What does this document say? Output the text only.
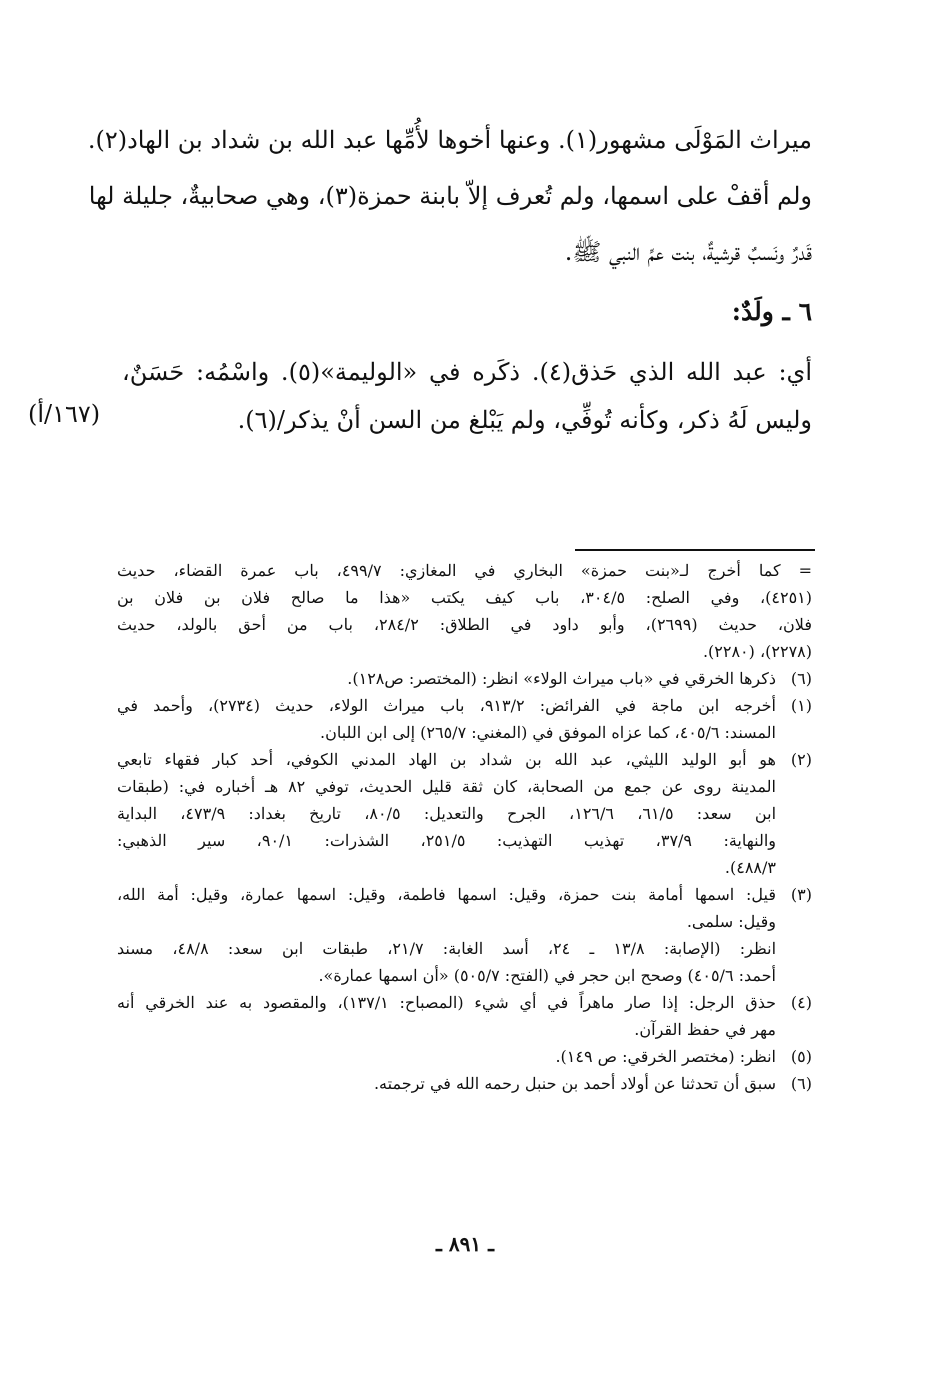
ميراث المَوْلَى مشهور(١). وعنها أخوها لأُمِّها عبد الله بن شداد بن الهاد(٢).
ولم أقفْ على اسمها، ولم تُعرف إلاّ بابنة حمزة(٣)، وهي صحابيةٌ، جليلة لها
قَدرٌ ونَسبٌ قرشيةٌ، بنت عمِّ النبي ﷺ.
٦ ـ ولَدٌ:
أي: عبد الله الذي حَذق(٤). ذكَره في «الوليمة»(٥). واسْمُه: حَسَنٌ،
وليس لَهُ ذكر، وكأنه تُوفِّي، ولم يَبْلغ من السن أنْ يذكر/(٦).
(١٦٧/أ)
= كما أخرج لـ«بنت حمزة» البخاري في المغازي: ٤٩٩/٧، باب عمرة القضاء، حديث
(٤٢٥١)، وفي الصلح: ٣٠٤/٥، باب كيف يكتب «هذا ما صالح فلان بن فلان بن
فلان، حديث (٢٦٩٩)، وأبو داود في الطلاق: ٢٨٤/٢، باب من أحق بالولد، حديث
(٢٢٧٨)، (٢٢٨٠).
(٦)
ذكرها الخرقي في «باب ميراث الولاء» انظر: (المختصر: ص١٢٨).
(١)
أخرجه ابن ماجة في الفرائض: ٩١٣/٢، باب ميراث الولاء، حديث (٢٧٣٤)، وأحمد في
المسند: ٤٠٥/٦، كما عزاه الموفق في (المغني: ٢٦٥/٧) إلى ابن اللبان.
(٢)
هو أبو الوليد الليثي، عبد الله بن شداد بن الهاد المدني الكوفي، أحد كبار فقهاء تابعي
المدينة روى عن جمع من الصحابة، كان ثقة قليل الحديث، توفي ٨٢ هـ أخباره في: (طبقات
ابن سعد: ٦١/٥، ١٢٦/٦، الجرح والتعديل: ٨٠/٥، تاريخ بغداد: ٤٧٣/٩، البداية
والنهاية: ٣٧/٩، تهذيب التهذيب: ٢٥١/٥، الشذرات: ٩٠/١، سير الذهبي:
٤٨٨/٣).
(٣)
قيل: اسمها أمامة بنت حمزة، وقيل: اسمها فاطمة، وقيل: اسمها عمارة، وقيل: أمة الله،
وقيل: سلمى.
انظر: (الإصابة: ١٣/٨ ـ ٢٤، أسد الغابة: ٢١/٧، طبقات ابن سعد: ٤٨/٨، مسند
أحمد: ٤٠٥/٦) وصحح ابن حجر في (الفتح: ٥٠٥/٧) «أن اسمها عمارة».
(٤)
حذق الرجل: إذا صار ماهراً في أي شيء (المصباح: ١٣٧/١)، والمقصود به عند الخرقي أنه
مهر في حفظ القرآن.
(٥)
انظر: (مختصر الخرقي: ص ١٤٩).
(٦)
سبق أن تحدثنا عن أولاد أحمد بن حنبل رحمه الله في ترجمته.
ـ ٨٩١ ـ
